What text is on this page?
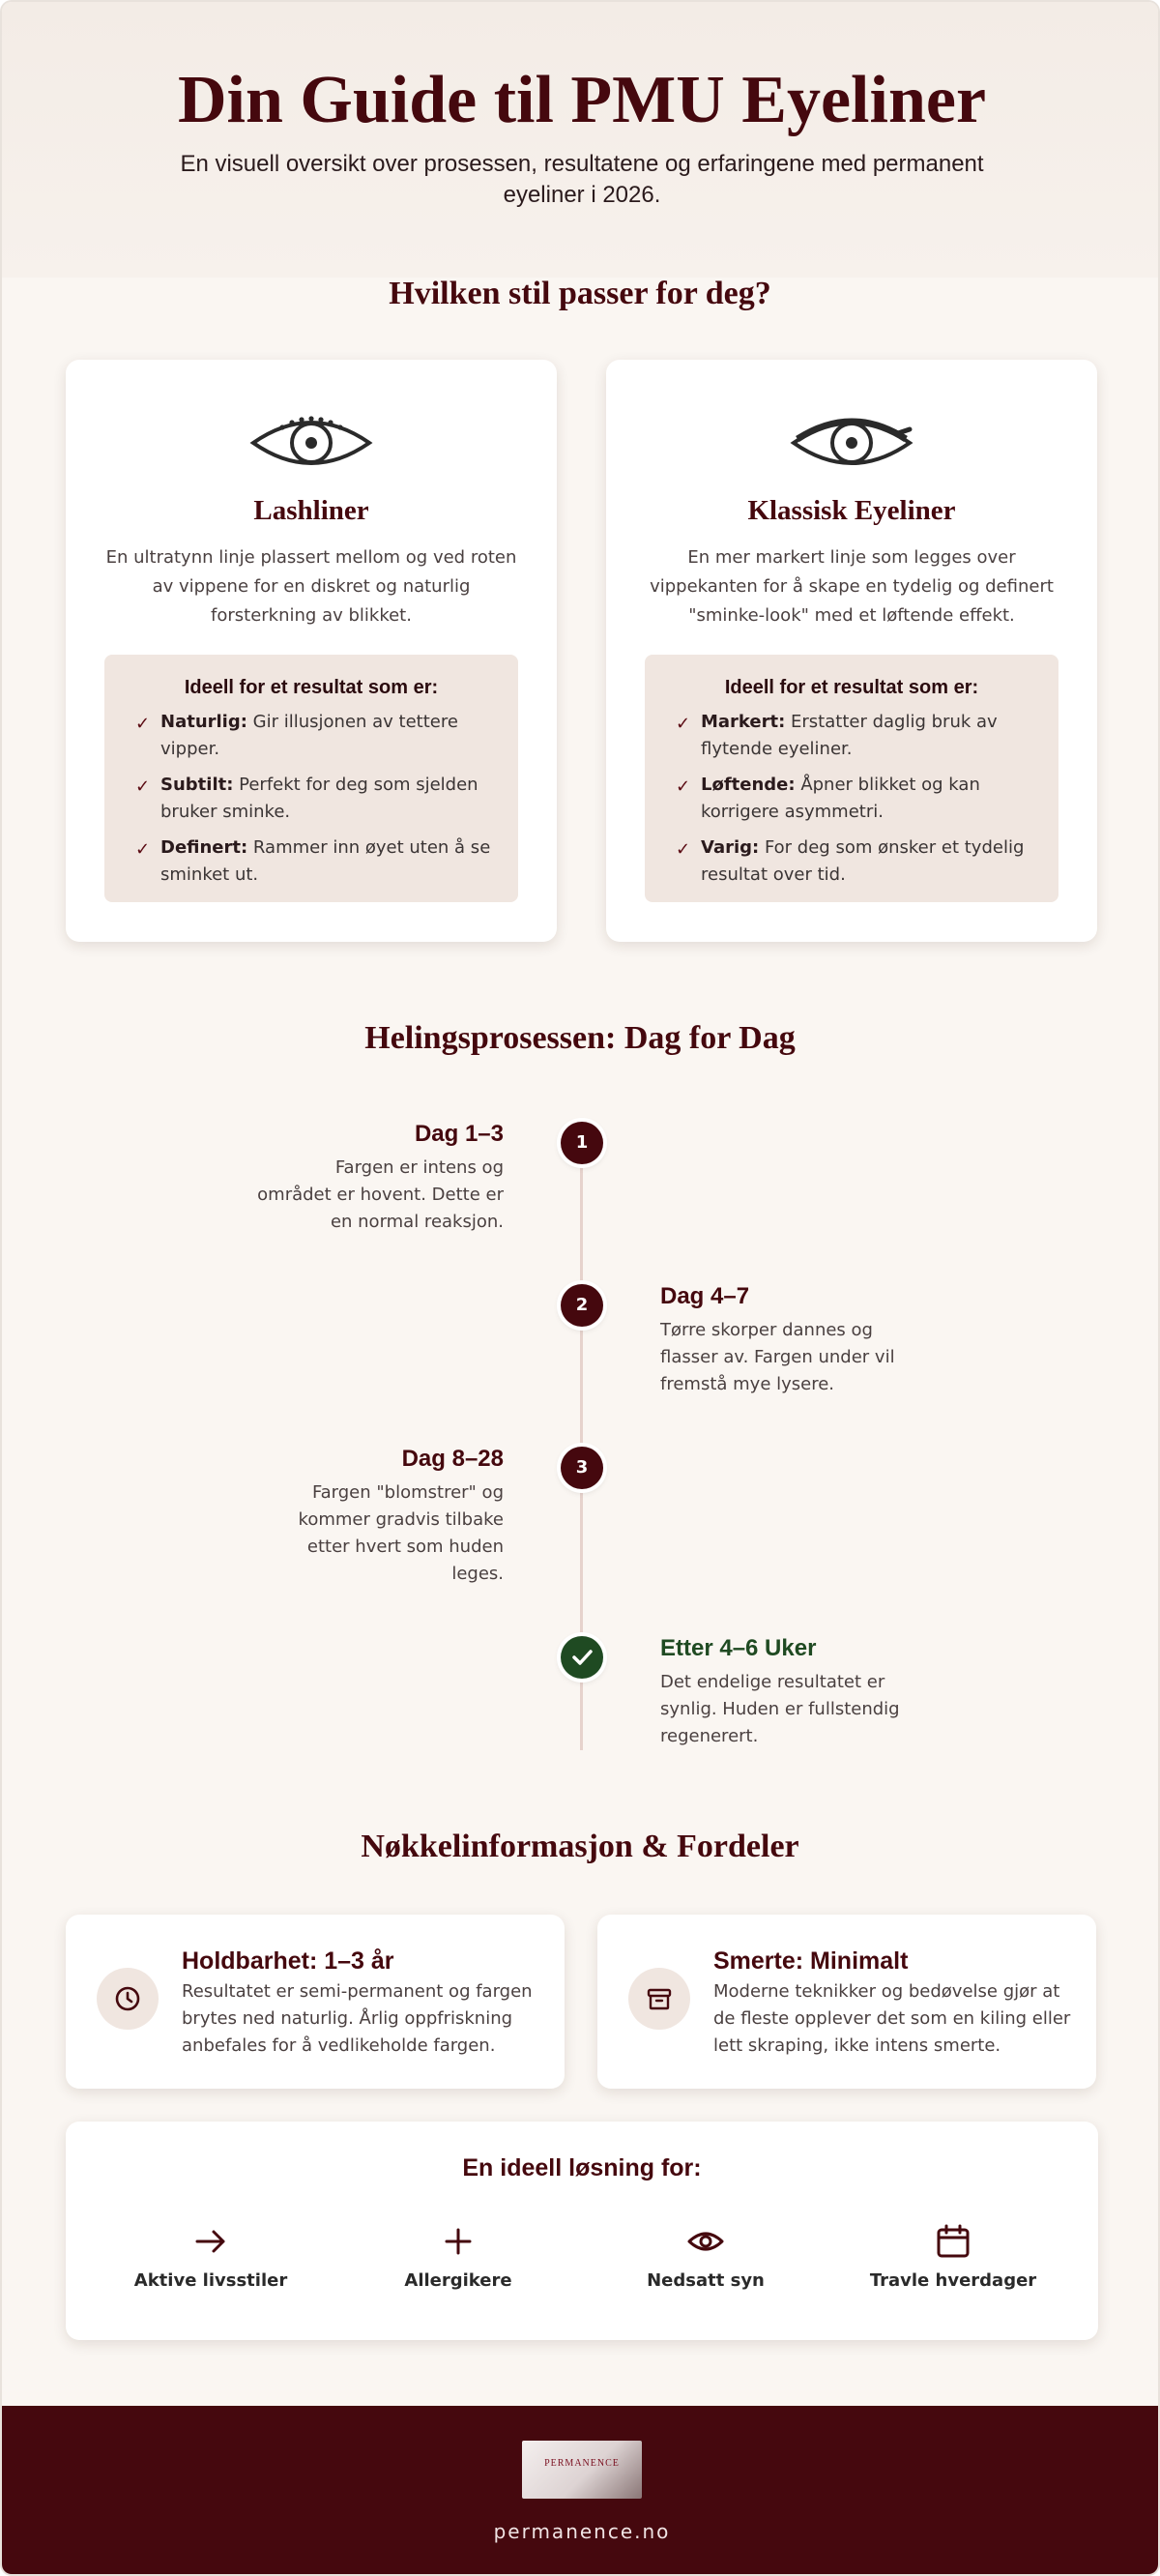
Din Guide til PMU Eyeliner

En visuell oversikt over prosessen, resultatene og erfaringene med permanent eyeliner i 2026.

Hvilken stil passer for deg?
Lashliner

En ultratynn linje plassert mellom og ved roten av vippene for en diskret og naturlig forsterkning av blikket.

Ideell for et resultat som er:
✓ Naturlig: Gir illusjonen av tettere vipper.
✓ Subtilt: Perfekt for deg som sjelden bruker sminke.
✓ Definert: Rammer inn øyet uten å se sminket ut.
Klassisk Eyeliner

En mer markert linje som legges over vippekanten for å skape en tydelig og definert "sminke-look" med et løftende effekt.

Ideell for et resultat som er:
✓ Markert: Erstatter daglig bruk av flytende eyeliner.
✓ Løftende: Åpner blikket og kan korrigere asymmetri.
✓ Varig: For deg som ønsker et tydelig resultat over tid.
Helingsprosessen: Dag for Dag
1
Dag 1–3

Fargen er intens og området er hovent. Dette er en normal reaksjon.

2	Dag 4–7

Tørre skorper dannes og flasser av. Fargen under vil fremstå mye lysere.

3
Dag 8–28

Fargen "blomstrer" og kommer gradvis tilbake etter hvert som huden leges.

Etter 4–6 Uker

Det endelige resultatet er synlig. Huden er fullstendig regenerert.

Nøkkelinformasjon & Fordeler
Holdbarhet: 1–3 år

Resultatet er semi-permanent og fargen brytes ned naturlig. Årlig oppfriskning anbefales for å vedlikeholde fargen.

Smerte: Minimalt

Moderne teknikker og bedøvelse gjør at de fleste opplever det som en kiling eller lett skraping, ikke intens smerte.

En ideell løsning for:
Aktive livsstiler	Allergikere	Nedsatt syn	Travle hverdager
PERMANENCE
permanence.no
